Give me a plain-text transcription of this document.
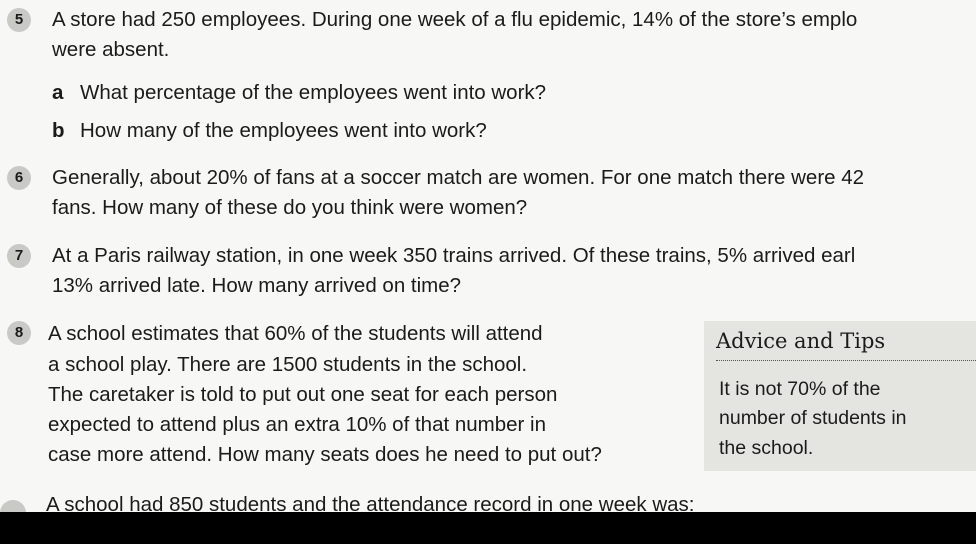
5	A store had 250 employees. During one week of a flu epidemic, 14% of the store’s emplo
were absent.
a What percentage of the employees went into work?
b How many of the employees went into work?
6	Generally, about 20% of fans at a soccer match are women. For one match there were 42
fans. How many of these do you think were women?
7	At a Paris railway station, in one week 350 trains arrived. Of these trains, 5% arrived earl
13% arrived late. How many arrived on time?
Advice and Tips
It is not 70% of the
number of students in
the school.
8	A school estimates that 60% of the students will attend
a school play. There are 1500 students in the school.
The caretaker is told to put out one seat for each person
expected to attend plus an extra 10% of that number in
case more attend. How many seats does he need to put out?
A school had 850 students and the attendance record in one week was:
